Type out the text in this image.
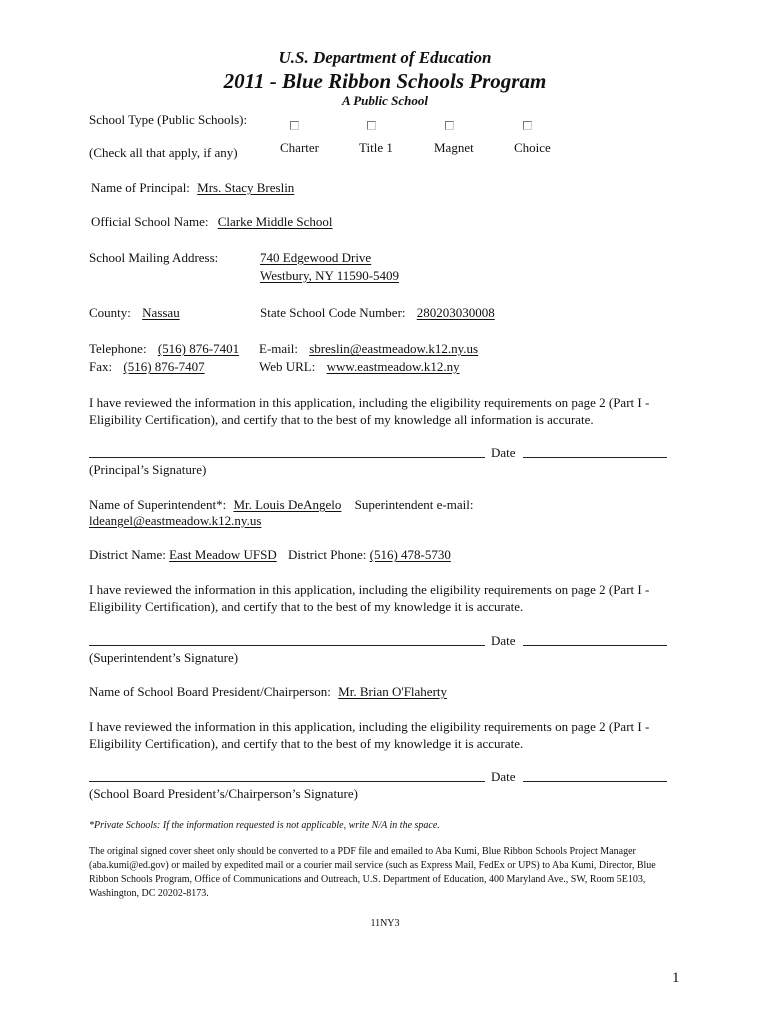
U.S. Department of Education
2011 - Blue Ribbon Schools Program
A Public School
School Type (Public Schools):
(Check all that apply, if any)	Charter	Title 1	Magnet	Choice
Name of Principal: Mrs. Stacy Breslin
Official School Name: Clarke Middle School
School Mailing Address:	740 Edgewood Drive
Westbury, NY 11590-5409
County: Nassau	State School Code Number: 280203030008
Telephone: (516) 876-7401
Fax: (516) 876-7407
E-mail: sbreslin@eastmeadow.k12.ny.us
Web URL: www.eastmeadow.k12.ny
I have reviewed the information in this application, including the eligibility requirements on page 2 (Part I - Eligibility Certification), and certify that to the best of my knowledge all information is accurate.
Date
(Principal’s Signature)
Name of Superintendent*: Mr. Louis DeAngelo Superintendent e-mail:
ldeangel@eastmeadow.k12.ny.us
District Name: East Meadow UFSD District Phone: (516) 478-5730
I have reviewed the information in this application, including the eligibility requirements on page 2 (Part I - Eligibility Certification), and certify that to the best of my knowledge it is accurate.
Date
(Superintendent’s Signature)
Name of School Board President/Chairperson: Mr. Brian O'Flaherty
I have reviewed the information in this application, including the eligibility requirements on page 2 (Part I - Eligibility Certification), and certify that to the best of my knowledge it is accurate.
Date
(School Board President’s/Chairperson’s Signature)
*Private Schools: If the information requested is not applicable, write N/A in the space.
The original signed cover sheet only should be converted to a PDF file and emailed to Aba Kumi, Blue Ribbon Schools Project Manager (aba.kumi@ed.gov) or mailed by expedited mail or a courier mail service (such as Express Mail, FedEx or UPS) to Aba Kumi, Director, Blue Ribbon Schools Program, Office of Communications and Outreach, U.S. Department of Education, 400 Maryland Ave., SW, Room 5E103, Washington, DC 20202-8173.
11NY3
1
